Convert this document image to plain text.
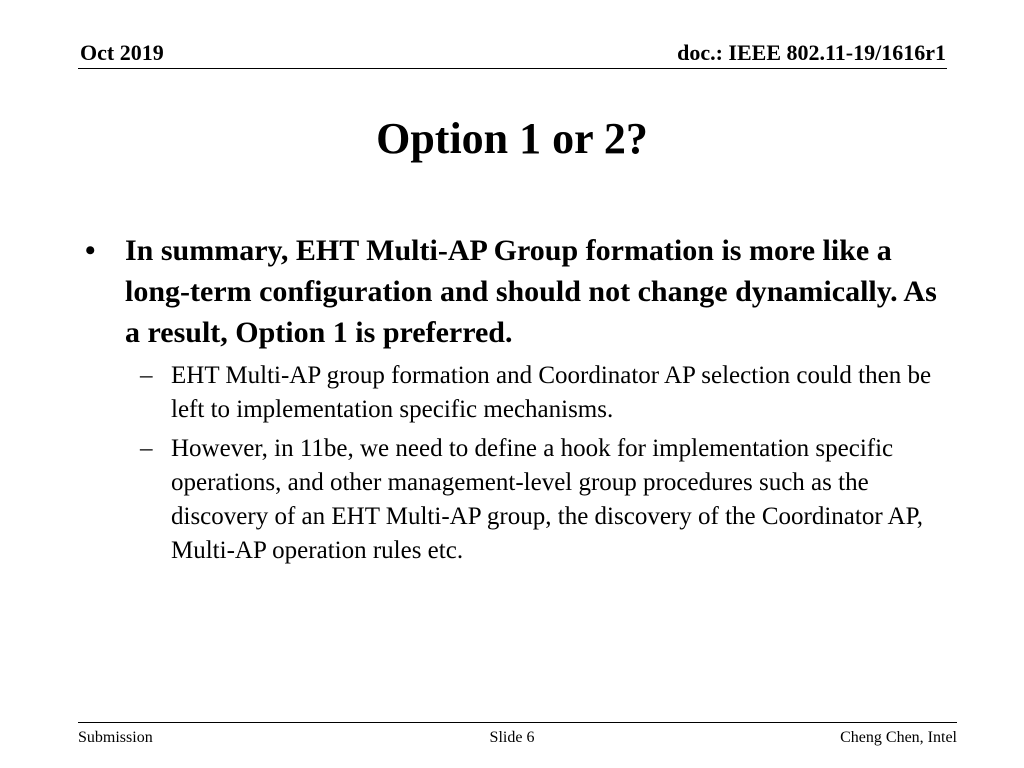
Oct 2019	doc.: IEEE 802.11-19/1616r1
Option 1 or 2?
• In summary, EHT Multi-AP Group formation is more like a long-term configuration and should not change dynamically. As a result, Option 1 is preferred.
– EHT Multi-AP group formation and Coordinator AP selection could then be left to implementation specific mechanisms.
– However, in 11be, we need to define a hook for implementation specific operations, and other management-level group procedures such as the discovery of an EHT Multi-AP group, the discovery of the Coordinator AP, Multi-AP operation rules etc.
Submission	Slide 6	Cheng Chen, Intel
